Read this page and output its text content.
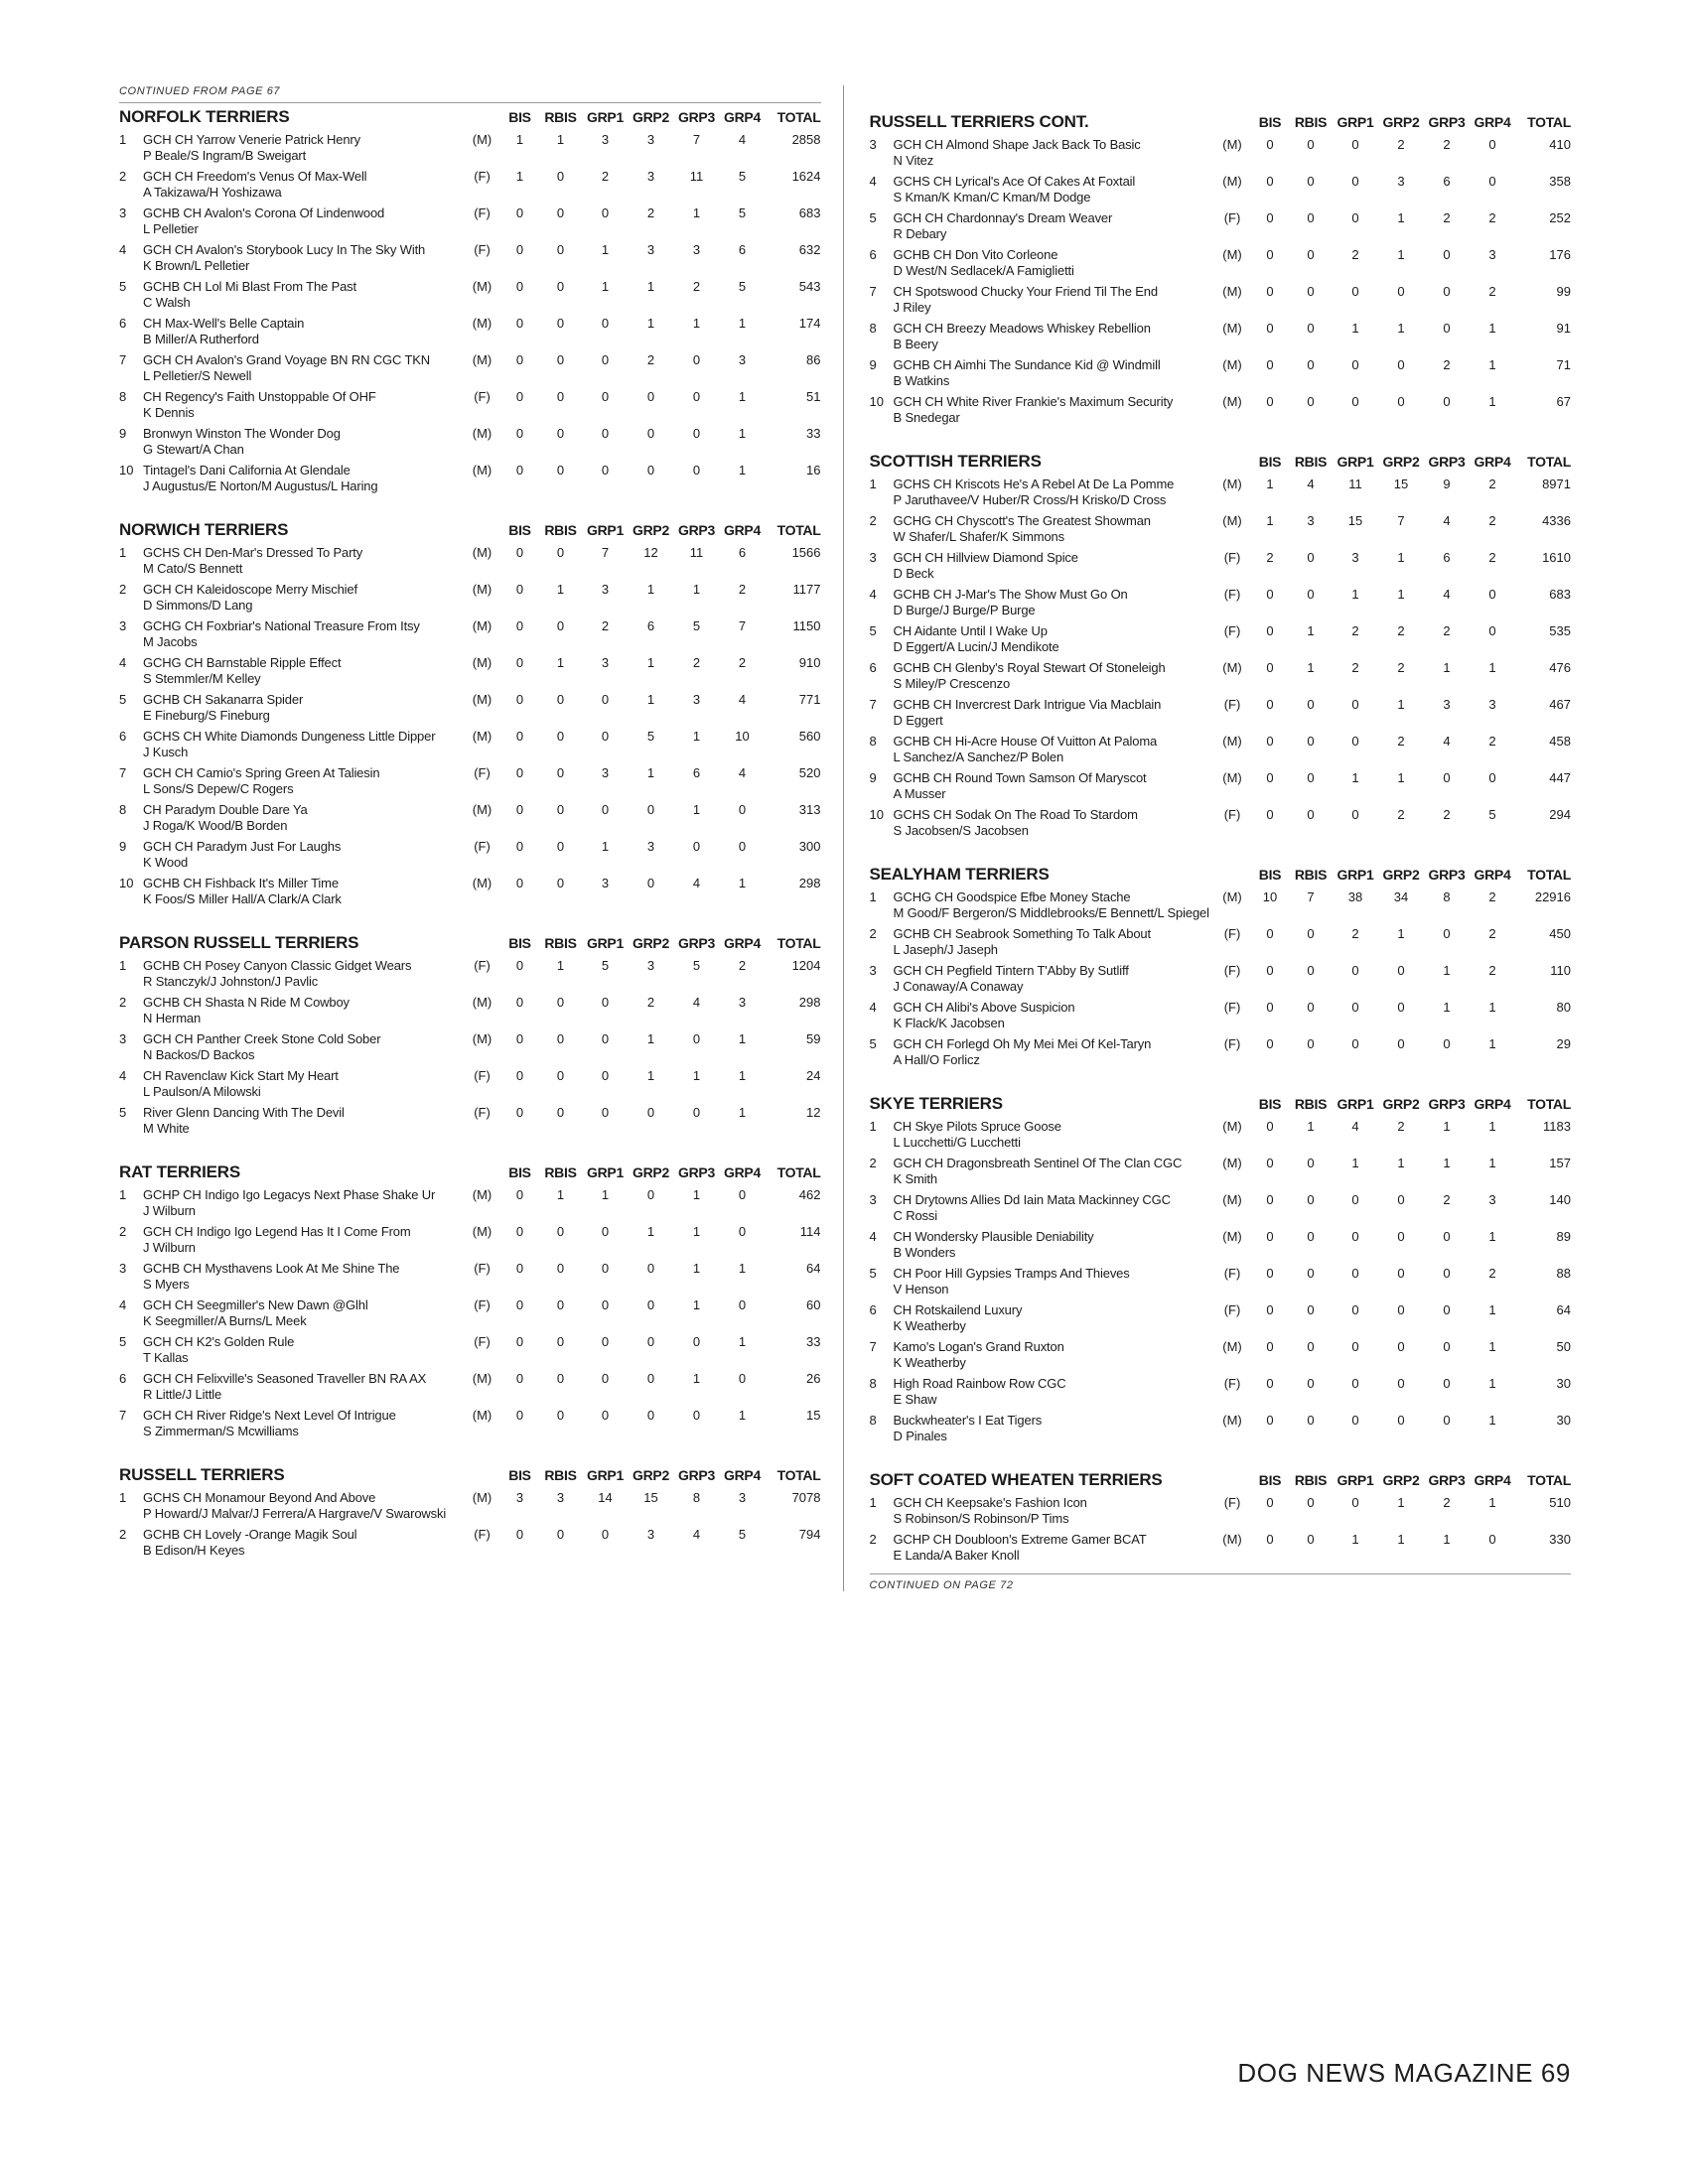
CONTINUED FROM PAGE 67
NORFOLK TERRIERS	BIS RBIS GRP1 GRP2 GRP3 GRP4	TOTAL
1	GCH CH Yarrow Venerie Patrick Henry
P Beale/S Ingram/B Sweigart
(M)	1	1	3	3	7	4	2858
2	GCH CH Freedom's Venus Of Max-Well
A Takizawa/H Yoshizawa
(F)	1	0	2	3	11	5	1624
3	GCHB CH Avalon's Corona Of Lindenwood
L Pelletier
(F)	0	0	0	2	1	5	683
4	GCH CH Avalon's Storybook Lucy In The Sky With
K Brown/L Pelletier
(F)	0	0	1	3	3	6	632
5	GCHB CH Lol Mi Blast From The Past
C Walsh
(M)	0	0	1	1	2	5	543
6	CH Max-Well's Belle Captain
B Miller/A Rutherford
(M)	0	0	0	1	1	1	174
7	GCH CH Avalon's Grand Voyage BN RN CGC TKN
L Pelletier/S Newell
(M)	0	0	0	2	0	3	86
8	CH Regency's Faith Unstoppable Of OHF
K Dennis
(F)	0	0	0	0	0	1	51
9	Bronwyn Winston The Wonder Dog
G Stewart/A Chan
(M)	0	0	0	0	0	1	33
10 Tintagel's Dani California At Glendale
J Augustus/E Norton/M Augustus/L Haring
(M)	0	0	0	0	0	1	16
NORWICH TERRIERS	BIS RBIS GRP1 GRP2 GRP3 GRP4	TOTAL
1	GCHS CH Den-Mar's Dressed To Party
M Cato/S Bennett
(M)	0	0	7	12	11	6	1566
2	GCH CH Kaleidoscope Merry Mischief
D Simmons/D Lang
(M)	0	1	3	1	1	2	1177
3	GCHG CH Foxbriar's National Treasure From Itsy
M Jacobs
(M)	0	0	2	6	5	7	1150
4	GCHG CH Barnstable Ripple Effect
S Stemmler/M Kelley
(M)	0	1	3	1	2	2	910
5	GCHB CH Sakanarra Spider
E Fineburg/S Fineburg
(M)	0	0	0	1	3	4	771
6	GCHS CH White Diamonds Dungeness Little Dipper
J Kusch
(M)	0	0	0	5	1	10	560
7	GCH CH Camio's Spring Green At Taliesin
L Sons/S Depew/C Rogers
(F)	0	0	3	1	6	4	520
8	CH Paradym Double Dare Ya
J Roga/K Wood/B Borden
(M)	0	0	0	0	1	0	313
9	GCH CH Paradym Just For Laughs
K Wood
(F)	0	0	1	3	0	0	300
10 GCHB CH Fishback It's Miller Time
K Foos/S Miller Hall/A Clark/A Clark
(M)	0	0	3	0	4	1	298
PARSON RUSSELL TERRIERS	BIS RBIS GRP1 GRP2 GRP3 GRP4	TOTAL
1	GCHB CH Posey Canyon Classic Gidget Wears
R Stanczyk/J Johnston/J Pavlic
(F)	0	1	5	3	5	2	1204
2	GCHB CH Shasta N Ride M Cowboy
N Herman
(M)	0	0	0	2	4	3	298
3	GCH CH Panther Creek Stone Cold Sober
N Backos/D Backos
(M)	0	0	0	1	0	1	59
4	CH Ravenclaw Kick Start My Heart
L Paulson/A Milowski
(F)	0	0	0	1	1	1	24
5	River Glenn Dancing With The Devil
M White
(F)	0	0	0	0	0	1	12
RAT TERRIERS	BIS RBIS GRP1 GRP2 GRP3 GRP4	TOTAL
1	GCHP CH Indigo Igo Legacys Next Phase Shake Ur
J Wilburn
(M)	0	1	1	0	1	0	462
2	GCH CH Indigo Igo Legend Has It I Come From
J Wilburn
(M)	0	0	0	1	1	0	114
3	GCHB CH Mysthavens Look At Me Shine The
S Myers
(F)	0	0	0	0	1	1	64
4	GCH CH Seegmiller's New Dawn @Glhl
K Seegmiller/A Burns/L Meek
(F)	0	0	0	0	1	0	60
5	GCH CH K2's Golden Rule
T Kallas
(F)	0	0	0	0	0	1	33
6	GCH CH Felixville's Seasoned Traveller BN RA AX
R Little/J Little
(M)	0	0	0	0	1	0	26
7	GCH CH River Ridge's Next Level Of Intrigue
S Zimmerman/S Mcwilliams
(M)	0	0	0	0	0	1	15
RUSSELL TERRIERS	BIS RBIS GRP1 GRP2 GRP3 GRP4	TOTAL
1	GCHS CH Monamour Beyond And Above
P Howard/J Malvar/J Ferrera/A Hargrave/V Swarowski
(M)	3	3	14	15	8	3	7078
2	GCHB CH Lovely -Orange Magik Soul
B Edison/H Keyes
(F)	0	0	0	3	4	5	794
RUSSELL TERRIERS CONT.	BIS RBIS GRP1 GRP2 GRP3 GRP4	TOTAL
3	GCH CH Almond Shape Jack Back To Basic
N Vitez
(M)	0	0	0	2	2	0	410
4	GCHS CH Lyrical's Ace Of Cakes At Foxtail
S Kman/K Kman/C Kman/M Dodge
(M)	0	0	0	3	6	0	358
5	GCH CH Chardonnay's Dream Weaver
R Debary
(F)	0	0	0	1	2	2	252
6	GCHB CH Don Vito Corleone
D West/N Sedlacek/A Famiglietti
(M)	0	0	2	1	0	3	176
7	CH Spotswood Chucky Your Friend Til The End
J Riley
(M)	0	0	0	0	0	2	99
8	GCH CH Breezy Meadows Whiskey Rebellion
B Beery
(M)	0	0	1	1	0	1	91
9	GCHB CH Aimhi The Sundance Kid @ Windmill
B Watkins
(M)	0	0	0	0	2	1	71
10 GCH CH White River Frankie's Maximum Security
B Snedegar
(M)	0	0	0	0	0	1	67
SCOTTISH TERRIERS	BIS RBIS GRP1 GRP2 GRP3 GRP4	TOTAL
1	GCHS CH Kriscots He's A Rebel At De La Pomme
P Jaruthavee/V Huber/R Cross/H Krisko/D Cross
(M)	1	4	11	15	9	2	8971
2	GCHG CH Chyscott's The Greatest Showman
W Shafer/L Shafer/K Simmons
(M)	1	3	15	7	4	2	4336
3	GCH CH Hillview Diamond Spice
D Beck
(F)	2	0	3	1	6	2	1610
4	GCHB CH J-Mar's The Show Must Go On
D Burge/J Burge/P Burge
(F)	0	0	1	1	4	0	683
5	CH Aidante Until I Wake Up
D Eggert/A Lucin/J Mendikote
(F)	0	1	2	2	2	0	535
6	GCHB CH Glenby's Royal Stewart Of Stoneleigh
S Miley/P Crescenzo
(M)	0	1	2	2	1	1	476
7	GCHB CH Invercrest Dark Intrigue Via Macblain
D Eggert
(F)	0	0	0	1	3	3	467
8	GCHB CH Hi-Acre House Of Vuitton At Paloma
L Sanchez/A Sanchez/P Bolen
(M)	0	0	0	2	4	2	458
9	GCHB CH Round Town Samson Of Maryscot
A Musser
(M)	0	0	1	1	0	0	447
10 GCHS CH Sodak On The Road To Stardom
S Jacobsen/S Jacobsen
(F)	0	0	0	2	2	5	294
SEALYHAM TERRIERS	BIS RBIS GRP1 GRP2 GRP3 GRP4	TOTAL
1	GCHG CH Goodspice Efbe Money Stache
M Good/F Bergeron/S Middlebrooks/E Bennett/L Spiegel
(M)	10	7	38	34	8	2	22916
2	GCHB CH Seabrook Something To Talk About
L Jaseph/J Jaseph
(F)	0	0	2	1	0	2	450
3	GCH CH Pegfield Tintern T'Abby By Sutliff
J Conaway/A Conaway
(F)	0	0	0	0	1	2	110
4	GCH CH Alibi's Above Suspicion
K Flack/K Jacobsen
(F)	0	0	0	0	1	1	80
5	GCH CH Forlegd Oh My Mei Mei Of Kel-Taryn
A Hall/O Forlicz
(F)	0	0	0	0	0	1	29
SKYE TERRIERS	BIS RBIS GRP1 GRP2 GRP3 GRP4	TOTAL
1	CH Skye Pilots Spruce Goose
L Lucchetti/G Lucchetti
(M)	0	1	4	2	1	1	1183
2	GCH CH Dragonsbreath Sentinel Of The Clan CGC
K Smith
(M)	0	0	1	1	1	1	157
3	CH Drytowns Allies Dd Iain Mata Mackinney CGC
C Rossi
(M)	0	0	0	0	2	3	140
4	CH Wondersky Plausible Deniability
B Wonders
(M)	0	0	0	0	0	1	89
5	CH Poor Hill Gypsies Tramps And Thieves
V Henson
(F)	0	0	0	0	0	2	88
6	CH Rotskailend Luxury
K Weatherby
(F)	0	0	0	0	0	1	64
7	Kamo's Logan's Grand Ruxton
K Weatherby
(M)	0	0	0	0	0	1	50
8	High Road Rainbow Row CGC
E Shaw
(F)	0	0	0	0	0	1	30
8	Buckwheater's I Eat Tigers
D Pinales
(M)	0	0	0	0	0	1	30
SOFT COATED WHEATEN TERRIERS	BIS RBIS GRP1 GRP2 GRP3 GRP4	TOTAL
1	GCH CH Keepsake's Fashion Icon
S Robinson/S Robinson/P Tims
(F)	0	0	0	1	2	1	510
2	GCHP CH Doubloon's Extreme Gamer BCAT
E Landa/A Baker Knoll
(M)	0	0	1	1	1	0	330
CONTINUED ON PAGE 72
DOG NEWS MAGAZINE 69
